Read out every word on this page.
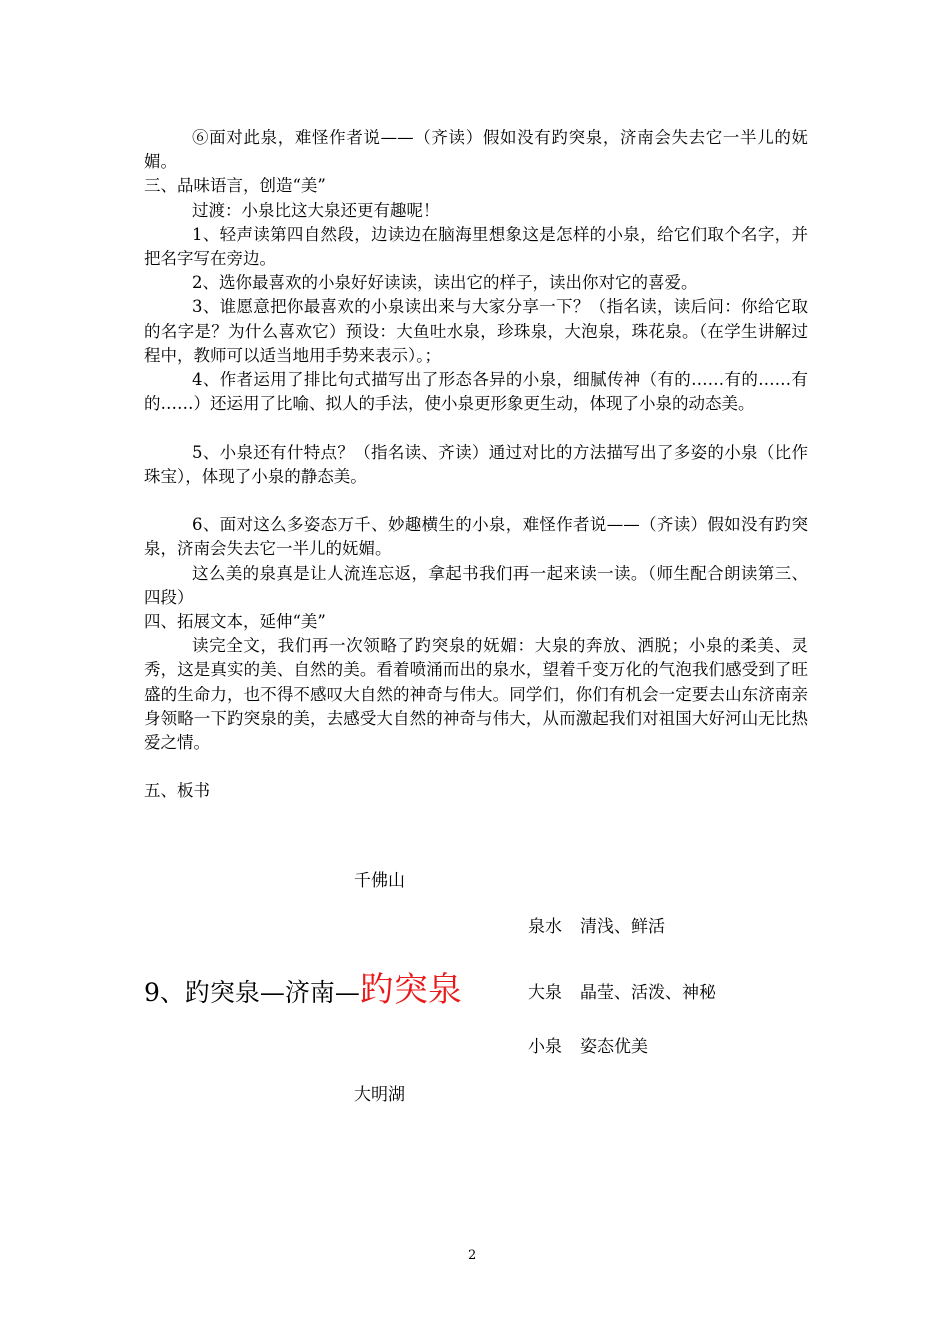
⑥面对此泉，难怪作者说——（齐读）假如没有趵突泉，济南会失去它一半儿的妩媚。

三、品味语言，创造“美”

过渡：小泉比这大泉还更有趣呢！

1、轻声读第四自然段，边读边在脑海里想象这是怎样的小泉，给它们取个名字，并把名字写在旁边。

2、选你最喜欢的小泉好好读读，读出它的样子，读出你对它的喜爱。

3、谁愿意把你最喜欢的小泉读出来与大家分享一下？（指名读，读后问：你给它取的名字是？为什么喜欢它）预设：大鱼吐水泉，珍珠泉，大泡泉，珠花泉。（在学生讲解过程中，教师可以适当地用手势来表示）。；

4、作者运用了排比句式描写出了形态各异的小泉，细腻传神（有的……有的……有的……）还运用了比喻、拟人的手法，使小泉更形象更生动，体现了小泉的动态美。

5、小泉还有什特点？（指名读、齐读）通过对比的方法描写出了多姿的小泉（比作珠宝），体现了小泉的静态美。

6、面对这么多姿态万千、妙趣横生的小泉，难怪作者说——（齐读）假如没有趵突泉，济南会失去它一半儿的妩媚。

这么美的泉真是让人流连忘返，拿起书我们再一起来读一读。（师生配合朗读第三、四段）

四、拓展文本，延伸“美”

读完全文，我们再一次领略了趵突泉的妩媚：大泉的奔放、洒脱；小泉的柔美、灵秀，这是真实的美、自然的美。看着喷涌而出的泉水，望着千变万化的气泡我们感受到了旺盛的生命力，也不得不感叹大自然的神奇与伟大。同学们，你们有机会一定要去山东济南亲身领略一下趵突泉的美，去感受大自然的神奇与伟大，从而激起我们对祖国大好河山无比热爱之情。

五、板书

千佛山
泉水 清浅、鲜活
9、趵突泉—济南—趵突泉	大泉 晶莹、活泼、神秘
小泉 姿态优美
大明湖
2
